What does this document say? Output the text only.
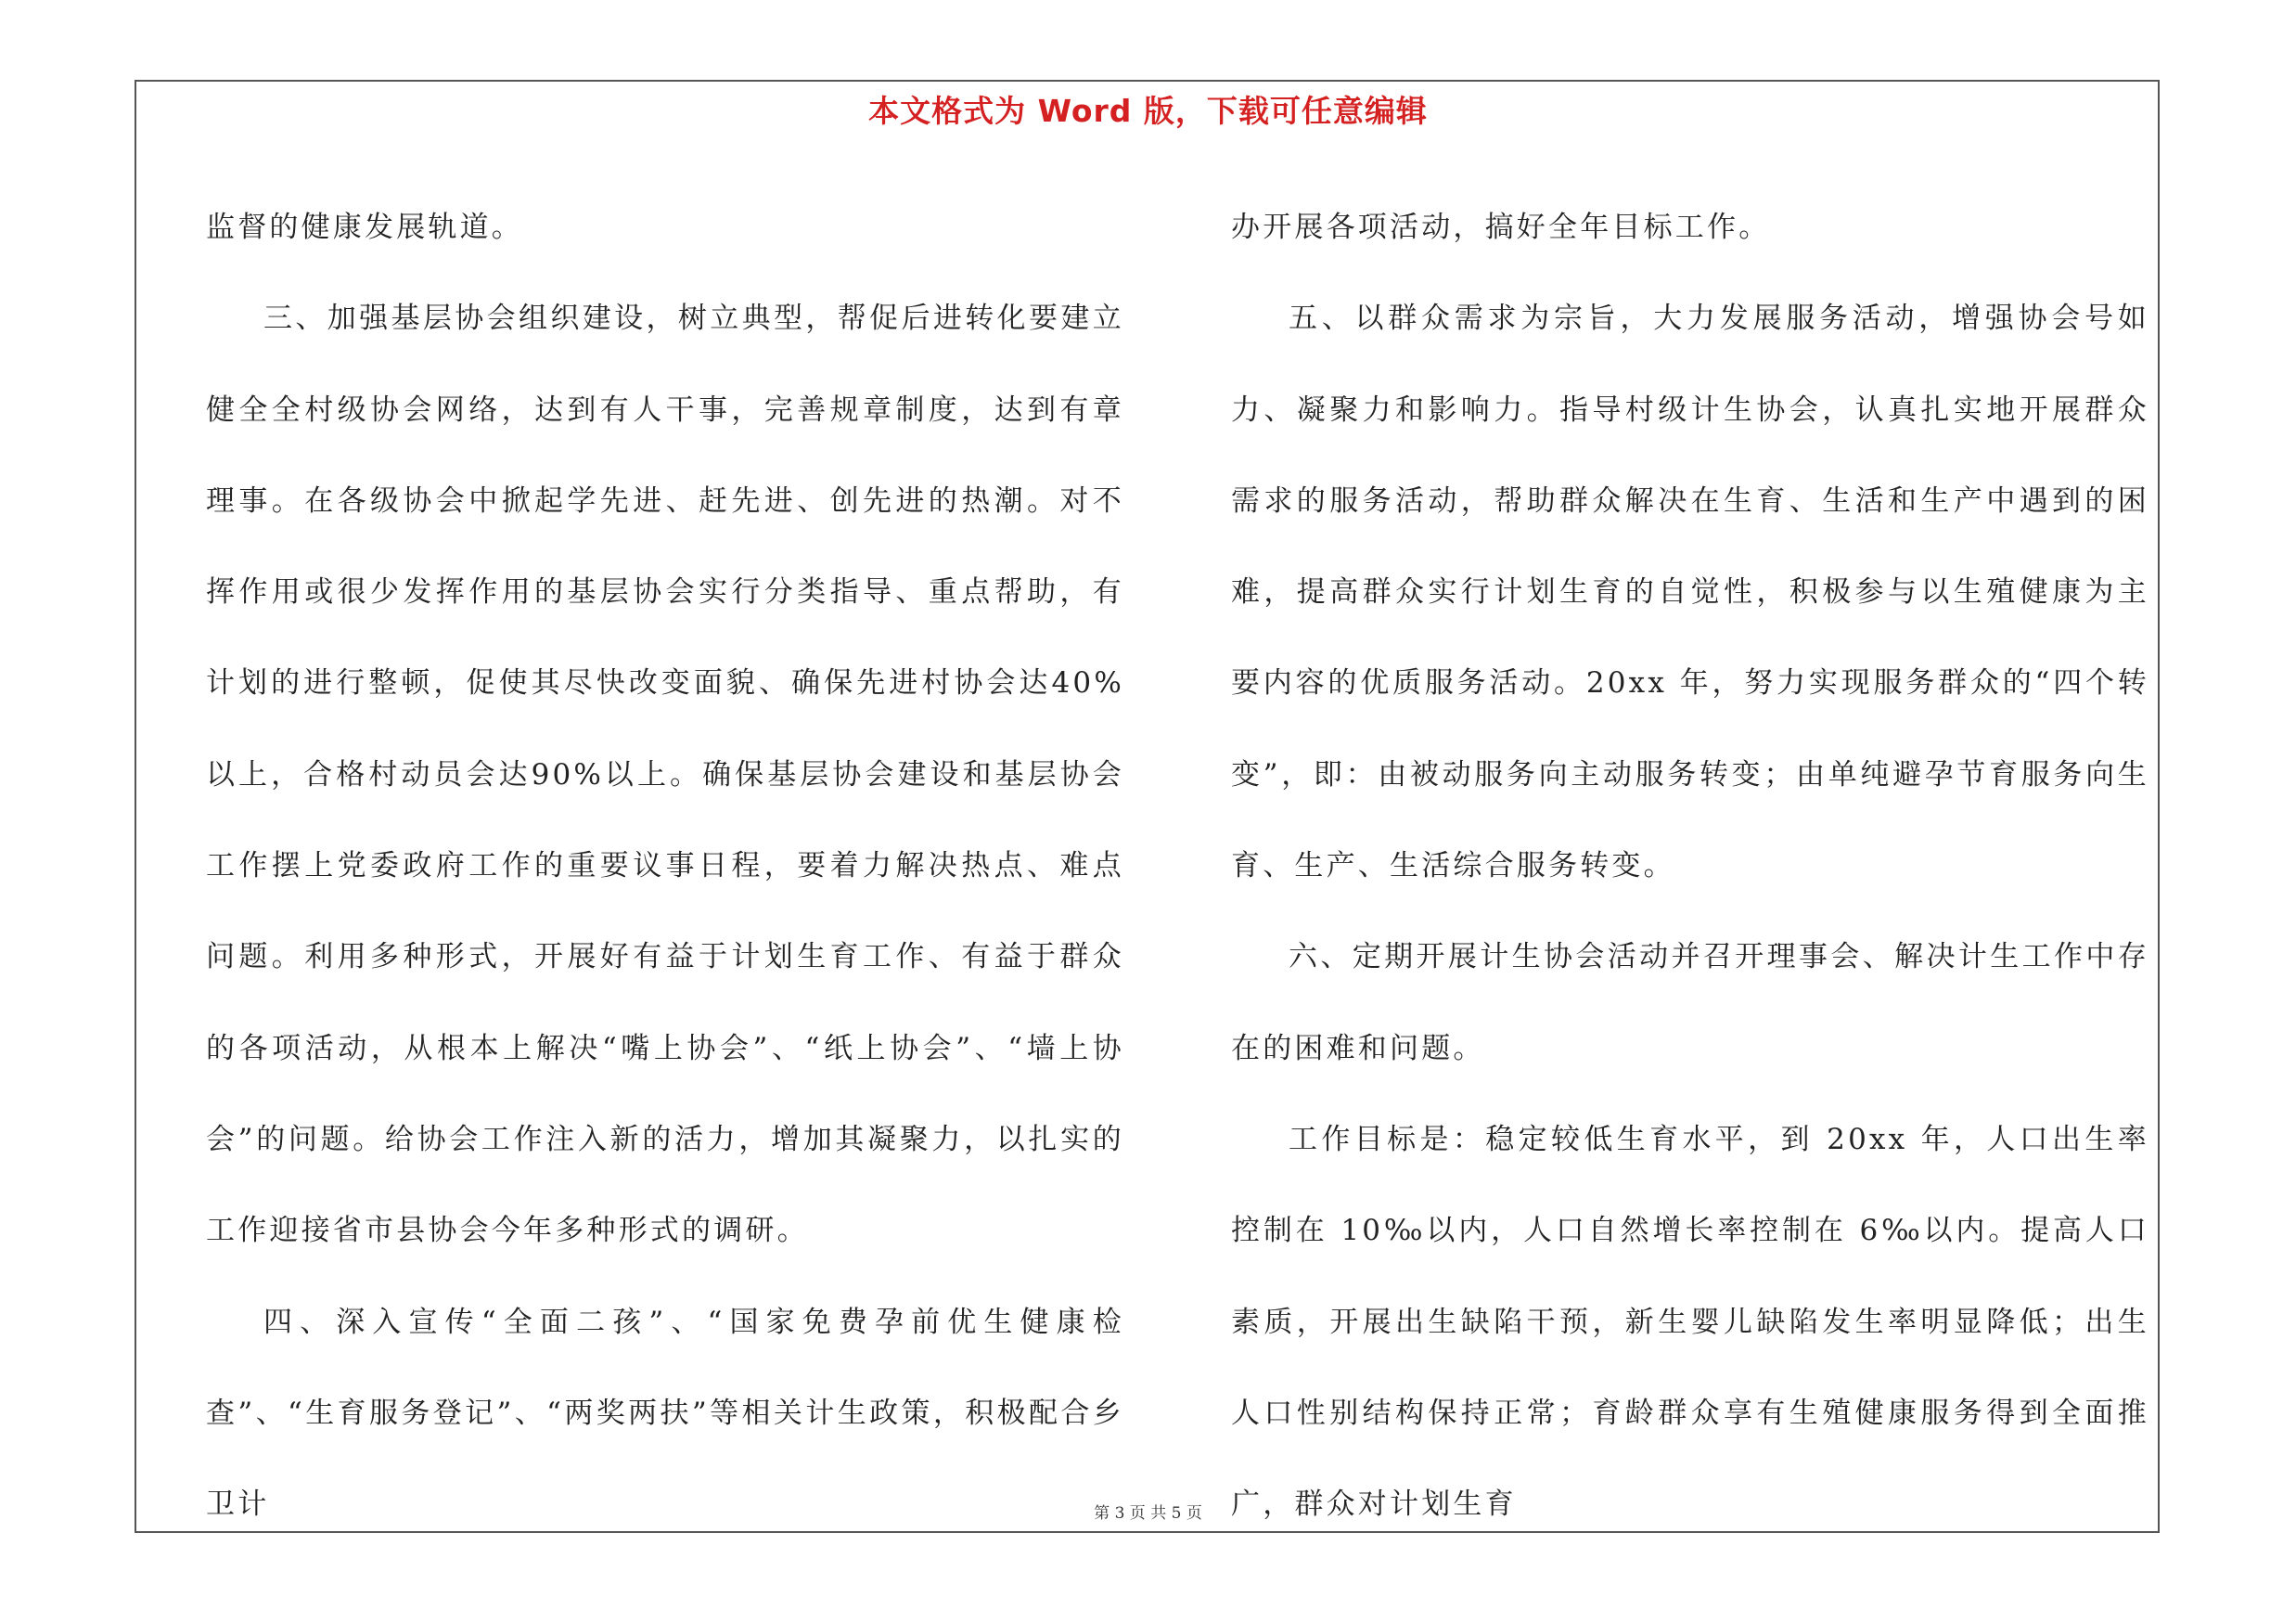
本文格式为 Word 版，下载可任意编辑

监督的健康发展轨道。

三、加强基层协会组织建设，树立典型，帮促后进转化要建立健全全村级协会网络，达到有人干事，完善规章制度，达到有章理事。在各级协会中掀起学先进、赶先进、创先进的热潮。对不挥作用或很少发挥作用的基层协会实行分类指导、重点帮助，有计划的进行整顿，促使其尽快改变面貌、确保先进村协会达40%以上，合格村动员会达90%以上。确保基层协会建设和基层协会工作摆上党委政府工作的重要议事日程，要着力解决热点、难点问题。利用多种形式，开展好有益于计划生育工作、有益于群众的各项活动，从根本上解决“嘴上协会”、“纸上协会”、“墙上协会”的问题。给协会工作注入新的活力，增加其凝聚力，以扎实的工作迎接省市县协会今年多种形式的调研。

四、深入宣传“全面二孩”、“国家免费孕前优生健康检查”、“生育服务登记”、“两奖两扶”等相关计生政策，积极配合乡卫计

办开展各项活动，搞好全年目标工作。

五、以群众需求为宗旨，大力发展服务活动，增强协会号如力、凝聚力和影响力。指导村级计生协会，认真扎实地开展群众需求的服务活动，帮助群众解决在生育、生活和生产中遇到的困难，提高群众实行计划生育的自觉性，积极参与以生殖健康为主要内容的优质服务活动。20xx 年，努力实现服务群众的“四个转变”，即：由被动服务向主动服务转变；由单纯避孕节育服务向生育、生产、生活综合服务转变。

六、定期开展计生协会活动并召开理事会、解决计生工作中存在的困难和问题。

工作目标是：稳定较低生育水平，到 20xx 年，人口出生率控制在 10‰以内，人口自然增长率控制在 6‰以内。提高人口素质，开展出生缺陷干预，新生婴儿缺陷发生率明显降低；出生人口性别结构保持正常；育龄群众享有生殖健康服务得到全面推广，群众对计划生育

第 3 页 共 5 页
